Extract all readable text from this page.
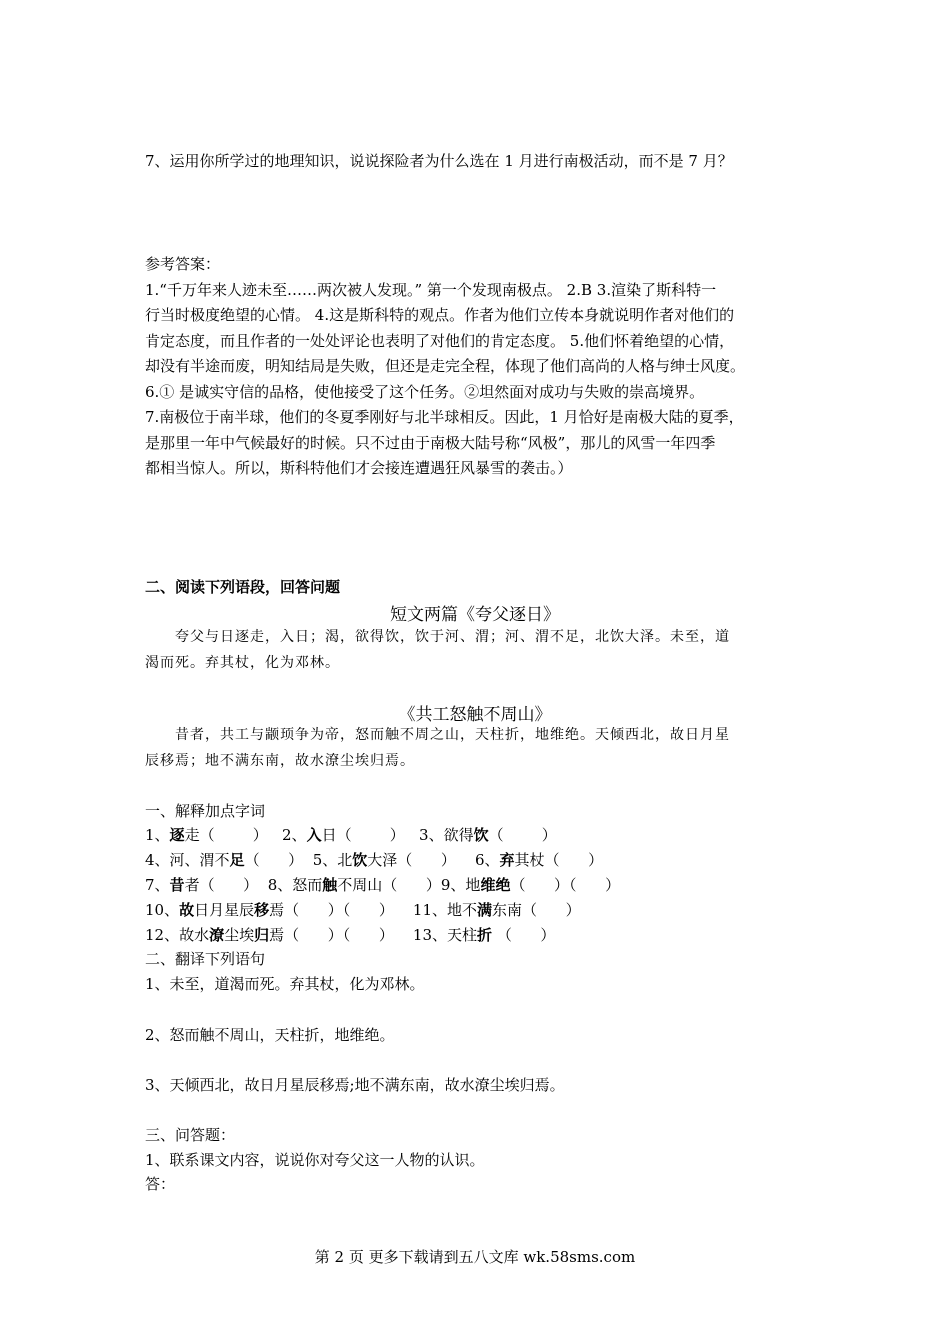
7、运用你所学过的地理知识，说说探险者为什么选在 1 月进行南极活动，而不是 7 月？

参考答案：

1.“千万年来人迹未至……两次被人发现。” 第一个发现南极点。 2.B 3.渲染了斯科特一

行当时极度绝望的心情。 4.这是斯科特的观点。作者为他们立传本身就说明作者对他们的

肯定态度，而且作者的一处处评论也表明了对他们的肯定态度。 5.他们怀着绝望的心情，

却没有半途而废，明知结局是失败，但还是走完全程，体现了他们高尚的人格与绅士风度。

6.① 是诚实守信的品格，使他接受了这个任务。②坦然面对成功与失败的崇高境界。

7.南极位于南半球，他们的冬夏季刚好与北半球相反。因此，1 月恰好是南极大陆的夏季，

是那里一年中气候最好的时候。只不过由于南极大陆号称“风极”，那儿的风雪一年四季

都相当惊人。所以，斯科特他们才会接连遭遇狂风暴雪的袭击。）

二、阅读下列语段，回答问题
短文两篇《夸父逐日》

夸父与日逐走，入日；渴，欲得饮，饮于河、渭；河、渭不足，北饮大泽。未至，道

渴而死。弃其杖，化为邓林。

《共工怒触不周山》

昔者，共工与颛顼争为帝，怒而触不周之山，天柱折，地维绝。天倾西北，故日月星

辰移焉；地不满东南，故水潦尘埃归焉。

一、解释加点字词
1、逐走（        ）   2、入日（        ）   3、欲得饮（        ）
4、河、渭不足（      ）  5、北饮大泽（      ）    6、弃其杖（      ）
7、昔者（      ）  8、怒而触不周山（      ）9、地维绝（      ）（      ）
10、故日月星辰移焉（      ）（      ）    11、地不满东南（      ）
12、故水潦尘埃归焉（      ）（      ）    13、天柱折 （      ）
二、翻译下列语句
1、未至，道渴而死。弃其杖，化为邓林。
2、怒而触不周山，天柱折，地维绝。
3、天倾西北，故日月星辰移焉;地不满东南，故水潦尘埃归焉。
三、问答题：
1、联系课文内容，说说你对夸父这一人物的认识。
答：
第 2 页 更多下载请到五八文库 wk.58sms.com
